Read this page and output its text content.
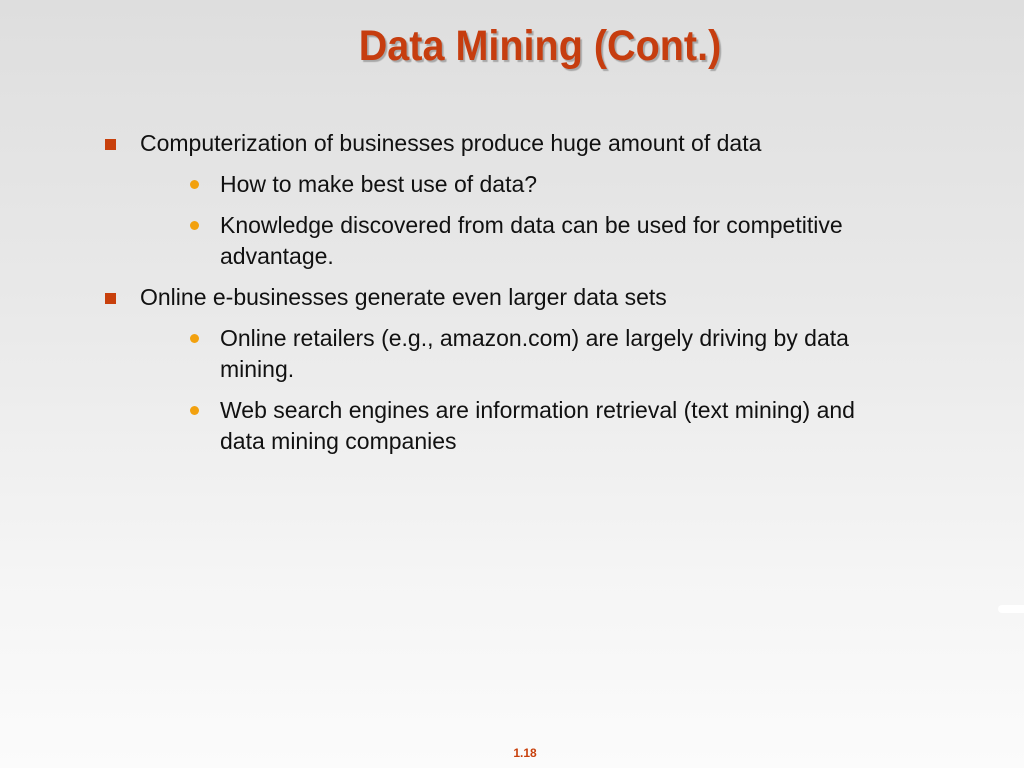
Data Mining (Cont.)
Computerization of businesses produce huge amount of data
How to make best use of data?
Knowledge discovered from data can be used for competitive advantage.
Online e-businesses generate even larger data sets
Online retailers (e.g., amazon.com) are largely driving by data mining.
Web search engines are information retrieval (text mining) and data mining companies
1.18
